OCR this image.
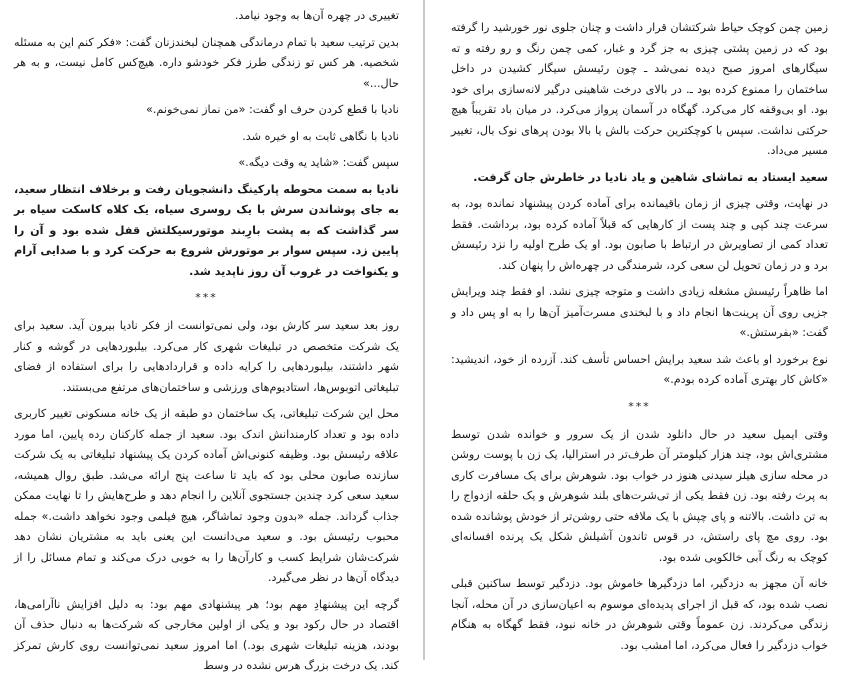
زمین چمن کوچک حیاط شرکتشان قرار داشت و چنان جلوی نور خورشید را گرفته بود که در زمین پشتی چیزی به جز گرد و غبار، کمی چمن رنگ و رو رفته و ته سیگارهای امروز صبح دیده نمی‌شد ـ چون رئیسش سیگار کشیدن در داخل ساختمان را ممنوع کرده بود ـ. در بالای درخت شاهینی درگیر لانه‌سازی برای خود بود. او بی‌وقفه کار می‌کرد. گهگاه در آسمان پرواز می‌کرد. در میان باد تقریباً هیچ حرکتی نداشت. سپس با کوچکترین حرکت بالش یا بالا بودن پرهای نوک بال، تغییر مسیر می‌داد.

سعید ایستاد به تماشای شاهین و یاد نادیا در خاطرش جان گرفت.

در نهایت، وقتی چیزی از زمان باقیمانده برای آماده کردن پیشنهاد نمانده بود، به سرعت چند کپی و چند پست از کارهایی که قبلاً آماده کرده بود، برداشت. فقط تعداد کمی از تصاویرش در ارتباط با صابون بود. او یک طرح اولیه را نزد رئیسش برد و در زمان تحویل لن سعی کرد، شرمندگی در چهره‌اش را پنهان کند.

اما ظاهراً رئیسش مشغله زیادی داشت و متوجه چیزی نشد. او فقط چند ویرایش جزیی روی آن پرینت‌ها انجام داد و با لبخندی مسرت‌آمیز آن‌ها را به او پس داد و گفت: «بفرستش.»

نوع برخورد او باعث شد سعید برایش احساس تأسف کند. آزرده از خود، اندیشید: «کاش کار بهتری آماده کرده بودم.»

***

وقتی ایمیل سعید در حال دانلود شدن از یک سرور و خوانده شدن توسط مشتری‌اش بود، چند هزار کیلومتر آن طرف‌تر در استرالیا، یک زن با پوست روشن در محله سازی هیلز سیدنی هنوز در خواب بود. شوهرش برای یک مسافرت کاری به پرث رفته بود. زن فقط یکی از تی‌شرت‌های بلند شوهرش و یک حلقه ازدواج را به تن داشت. بالاتنه و پای چپش با یک ملافه حتی روشن‌تر از خودش پوشانده شده بود. روی مچ پای راستش، در قوس تاندون آشیلش شکل یک پرنده افسانه‌ای کوچک به رنگ آبی خالکوبی شده بود.

خانه آن مجهز به دزدگیر، اما دزدگیرها خاموش بود. دزدگیر توسط ساکنین قبلی نصب شده بود، که قبل از اجرای پدیده‌ای موسوم به اعیان‌سازی در آن محله، آنجا زندگی می‌کردند. زن عموماً وقتی شوهرش در خانه نبود، فقط گهگاه به هنگام خواب دزدگیر را فعال می‌کرد، اما امشب بود.

تغییری در چهره آن‌ها به وجود نیامد.

بدین ترتیب سعید با تمام درماندگی همچنان لبخندزنان گفت: «فکر کنم این به مسئله شخصیه. هر کس تو زندگی طرز فکر خودشو داره. هیچ‌کس کامل نیست، و به هر حال...»

نادیا با قطع کردن حرف او گفت: «من نماز نمی‌خونم.»

نادیا با نگاهی ثابت به او خیره شد.

سپس گفت: «شاید یه وقت دیگه.»

نادیا به سمت محوطه پارکینگ دانشجویان رفت و برخلاف انتظار سعید، به جای پوشاندن سرش با یک روسری سیاه، یک کلاه کاسکت سیاه بر سر گذاشت که به پشت بارِبند موتورسیکلتش قفل شده بود و آن را پایین زد. سپس سوار بر موتورش شروع به حرکت کرد و با صدایی آرام و یکنواخت در غروب آن روز ناپدید شد.

***

روز بعد سعید سر کارش بود، ولی نمی‌توانست از فکر نادیا بیرون آید. سعید برای یک شرکت متخصص در تبلیغات شهری کار می‌کرد. بیلبوردهایی در گوشه و کنار شهر داشتند، بیلبوردهایی را کرایه داده و قراردادهایی را برای استفاده از فضای تبلیغاتی اتوبوس‌ها، استادیوم‌های ورزشی و ساختمان‌های مرتفع می‌بستند.

محل این شرکت تبلیغاتی، یک ساختمان دو طبقه از یک خانه مسکونی تغییر کاربری داده بود و تعداد کارمندانش اندک بود. سعید از جمله کارکنان رده پایین، اما مورد علاقه رئیسش بود. وظیفه کنونی‌اش آماده کردن یک پیشنهاد تبلیغاتی به یک شرکت سازنده صابون محلی بود که باید تا ساعت پنج ارائه می‌شد. طبق روال همیشه، سعید سعی کرد چندین جستجوی آنلاین را انجام دهد و طرح‌هایش را تا نهایت ممکن جذاب گرداند. جمله «بدون وجود تماشاگر، هیچ فیلمی وجود نخواهد داشت.» جمله محبوب رئیسش بود. و سعید می‌دانست این یعنی باید به مشتریان نشان دهد شرکت‌شان شرایط کسب و کارآن‌ها را به خوبی درک می‌کند و تمام مسائل را از دیدگاه آن‌ها در نظر می‌گیرد.

گرچه این پیشنهادِ مهم بود؛ هر پیشنهادی مهم بود: به دلیل افزایش ناآرامی‌ها، اقتصاد در حال رکود بود و یکی از اولین مخارجی که شرکت‌ها به دنبال حذف آن بودند، هزینه تبلیغات شهری بود.) اما امروز سعید نمی‌توانست روی کارش تمرکز کند. یک درخت بزرگ هرس نشده در وسط
